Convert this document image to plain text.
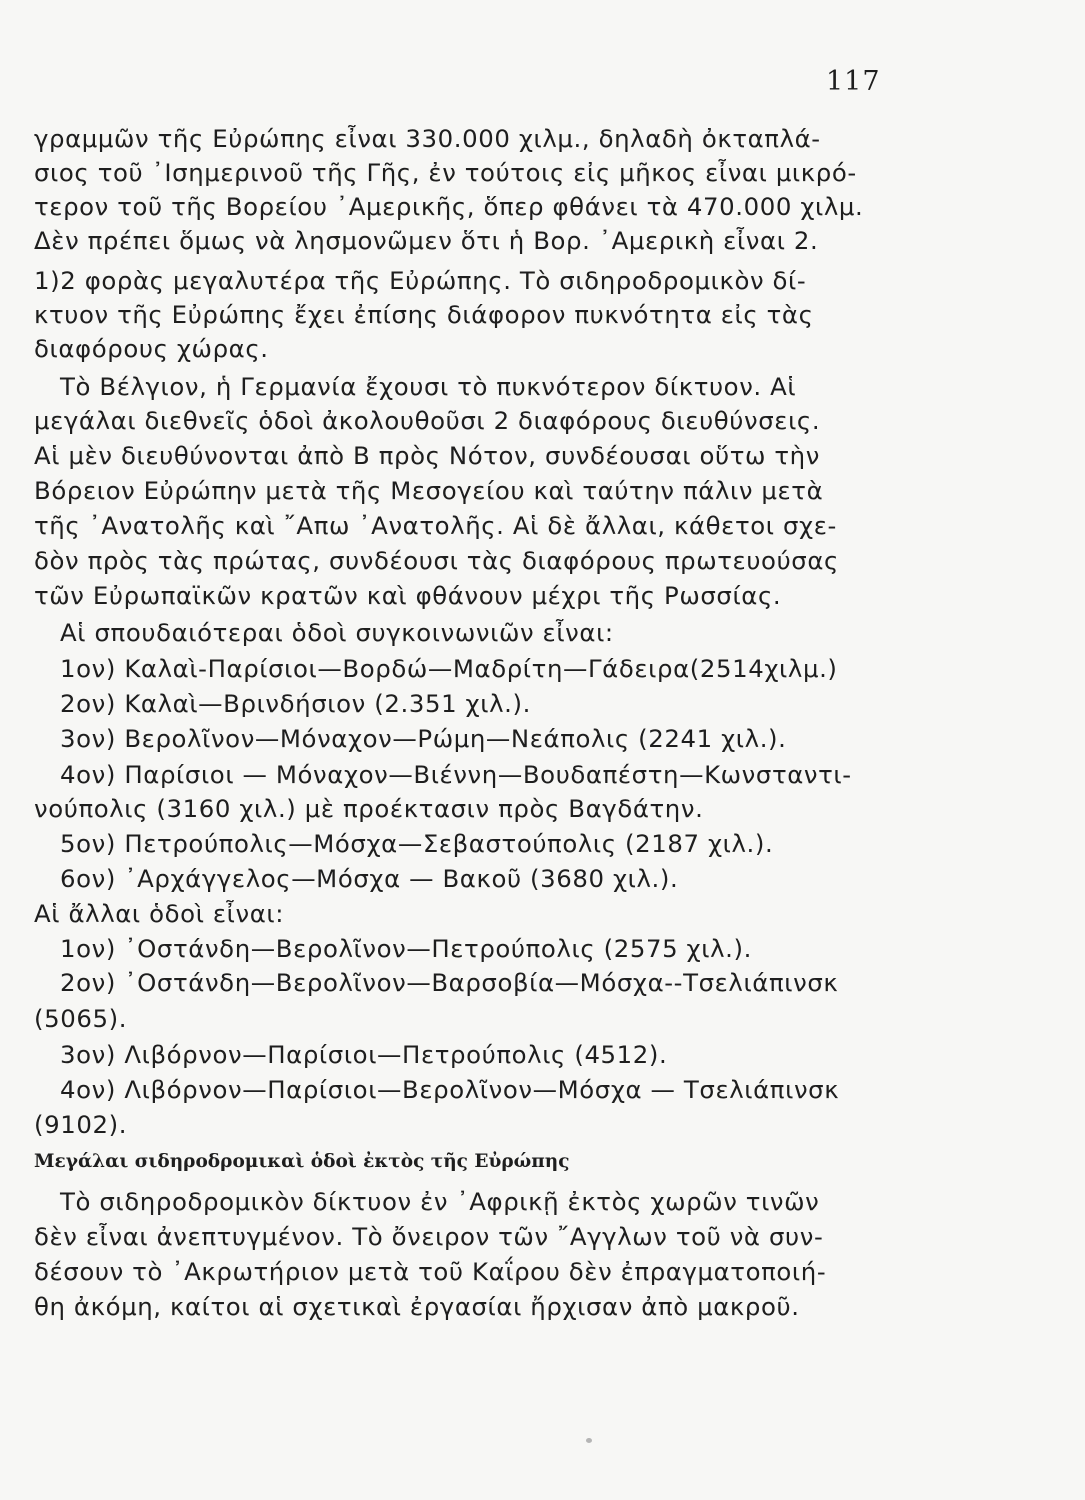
117
γραμμῶν τῆς Εὐρώπης εἶναι 330.000 χιλμ., δηλαδὴ ὀκταπλά-
σιος τοῦ ᾿Ισημερινοῦ τῆς Γῆς, ἐν τούτοις εἰς μῆκος εἶναι μικρό-
τερον τοῦ τῆς Βορείου ᾿Αμερικῆς, ὅπερ φθάνει τὰ 470.000 χιλμ.
Δὲν πρέπει ὅμως νὰ λησμονῶμεν ὅτι ἡ Βορ. ᾿Αμερικὴ εἶναι 2.
1)2 φορὰς μεγαλυτέρα τῆς Εὐρώπης. Τὸ σιδηροδρομικὸν δί-
κτυον τῆς Εὐρώπης ἔχει ἐπίσης διάφορον πυκνότητα εἰς τὰς
διαφόρους χώρας.
Τὸ Βέλγιον, ἡ Γερμανία ἔχουσι τὸ πυκνότερον δίκτυον. Αἱ
μεγάλαι διεθνεῖς ὁδοὶ ἀκολουθοῦσι 2 διαφόρους διευθύνσεις.
Αἱ μὲν διευθύνονται ἀπὸ Β πρὸς Νότον, συνδέουσαι οὕτω τὴν
Βόρειον Εὐρώπην μετὰ τῆς Μεσογείου καὶ ταύτην πάλιν μετὰ
τῆς ᾿Ανατολῆς καὶ ῎Απω ᾿Ανατολῆς. Αἱ δὲ ἄλλαι, κάθετοι σχε-
δὸν πρὸς τὰς πρώτας, συνδέουσι τὰς διαφόρους πρωτευούσας
τῶν Εὐρωπαϊκῶν κρατῶν καὶ φθάνουν μέχρι τῆς Ρωσσίας.
Αἱ σπουδαιότεραι ὁδοὶ συγκοινωνιῶν εἶναι:
1ον) Καλαὶ-Παρίσιοι—Βορδώ—Μαδρίτη—Γάδειρα(2514χιλμ.)
2ον) Καλαὶ—Βρινδήσιον (2.351 χιλ.).
3ον) Βερολῖνον—Μόναχον—Ρώμη—Νεάπολις (2241 χιλ.).
4ον) Παρίσιοι — Μόναχον—Βιέννη—Βουδαπέστη—Κωνσταντι-
νούπολις (3160 χιλ.) μὲ προέκτασιν πρὸς Βαγδάτην.
5ον) Πετρούπολις—Μόσχα—Σεβαστούπολις (2187 χιλ.).
6ον) ᾿Αρχάγγελος—Μόσχα — Βακοῦ (3680 χιλ.).
Αἱ ἄλλαι ὁδοὶ εἶναι:
1ον) ᾿Οστάνδη—Βερολῖνον—Πετρούπολις (2575 χιλ.).
2ον) ᾿Οστάνδη—Βερολῖνον—Βαρσοβία—Μόσχα--Τσελιάπινσκ
(5065).
3ον) Λιβόρνον—Παρίσιοι—Πετρούπολις (4512).
4ον) Λιβόρνον—Παρίσιοι—Βερολῖνον—Μόσχα — Τσελιάπινσκ
(9102).
Μεγάλαι σιδηροδρομικαὶ ὁδοὶ ἐκτὸς τῆς Εὐρώπης
Τὸ σιδηροδρομικὸν δίκτυον ἐν ᾿Αφρικῇ ἐκτὸς χωρῶν τινῶν
δὲν εἶναι ἀνεπτυγμένον. Τὸ ὄνειρον τῶν ῎Αγγλων τοῦ νὰ συν-
δέσουν τὸ ᾿Ακρωτήριον μετὰ τοῦ Καΐρου δὲν ἐπραγματοποιή-
θη ἀκόμη, καίτοι αἱ σχετικαὶ ἐργασίαι ἤρχισαν ἀπὸ μακροῦ.
